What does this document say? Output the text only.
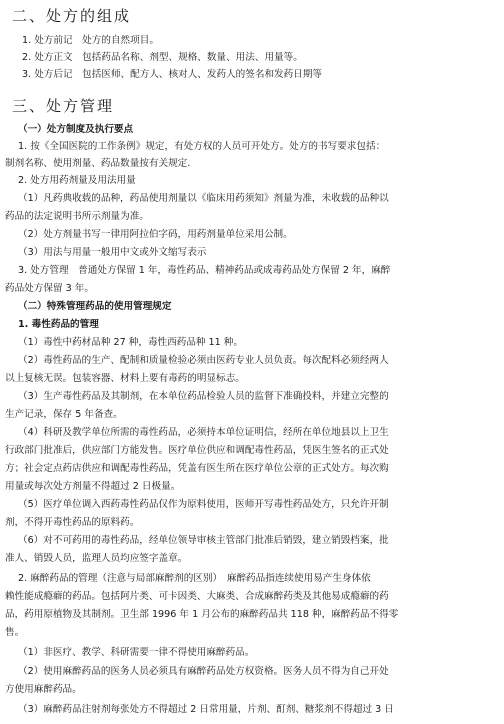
二、处方的组成
1. 处方前记　处方的自然项目。
2. 处方正文　包括药品名称、剂型、规格、数量、用法、用量等。
3. 处方后记　包括医师、配方人、核对人、发药人的签名和发药日期等
三、处方管理
（一）处方制度及执行要点
1. 按《全国医院的工作条例》规定，有处方权的人员可开处方。处方的书写要求包括：
制剂名称、使用剂量、药品数量按有关规定.
2. 处方用药剂量及用法用量
（1）凡药典收载的品种，药品使用剂量以《临床用药须知》剂量为准，未收载的品种以
药品的法定说明书所示剂量为准。
（2）处方剂量书写一律用阿拉伯字码，用药剂量单位采用公制。
（3）用法与用量一般用中文或外文缩写表示
3. 处方管理　普通处方保留 1 年，毒性药品、精神药品或成毒药品处方保留 2 年，麻醉
药品处方保留 3 年。
（二）特殊管理药品的使用管理规定
1. 毒性药品的管理
（1）毒性中药材品种 27 种，毒性西药品种 11 种。
（2）毒性药品的生产、配制和质量检验必须由医药专业人员负责。每次配料必须经两人
以上复核无误。包装容器、材料上要有毒药的明显标志。
（3）生产毒性药品及其制剂，在本单位药品检验人员的监督下准确投料，并建立完整的
生产记录，保存 5 年备查。
（4）科研及教学单位所需的毒性药品，必须持本单位证明信，经所在单位地县以上卫生
行政部门批准后，供应部门方能发售。医疗单位供应和调配毒性药品，凭医生签名的正式处
方；社会定点药店供应和调配毒性药品，凭盖有医生所在医疗单位公章的正式处方。每次购
用量或每次处方剂量不得超过 2 日极量。
（5）医疗单位调入西药毒性药品仅作为原料使用，医师开写毒性药品处方，只允许开制
剂，不得开毒性药品的原料药。
（6）对不可药用的毒性药品，经单位领导审核主管部门批准后销毁，建立销毁档案，批
准人、销毁人员，监理人员均应签字盖章。
2. 麻醉药品的管理（注意与局部麻醉剂的区别）　麻醉药品指连续使用易产生身体依
赖性能成瘾癖的药品。包括阿片类、可卡因类、大麻类、合成麻醉药类及其他易成瘾癖的药
品，药用原植物及其制剂。卫生部 1996 年 1 月公布的麻醉药品共 118 种，麻醉药品不得零
售。
（1）非医疗、教学、科研需要一律不得使用麻醉药品。
（2）使用麻醉药品的医务人员必须具有麻醉药品处方权资格。医务人员不得为自己开处
方使用麻醉药品。
（3）麻醉药品注射剂每张处方不得超过 2 日常用量，片剂、酊剂、糖浆剂不得超过 3 日
